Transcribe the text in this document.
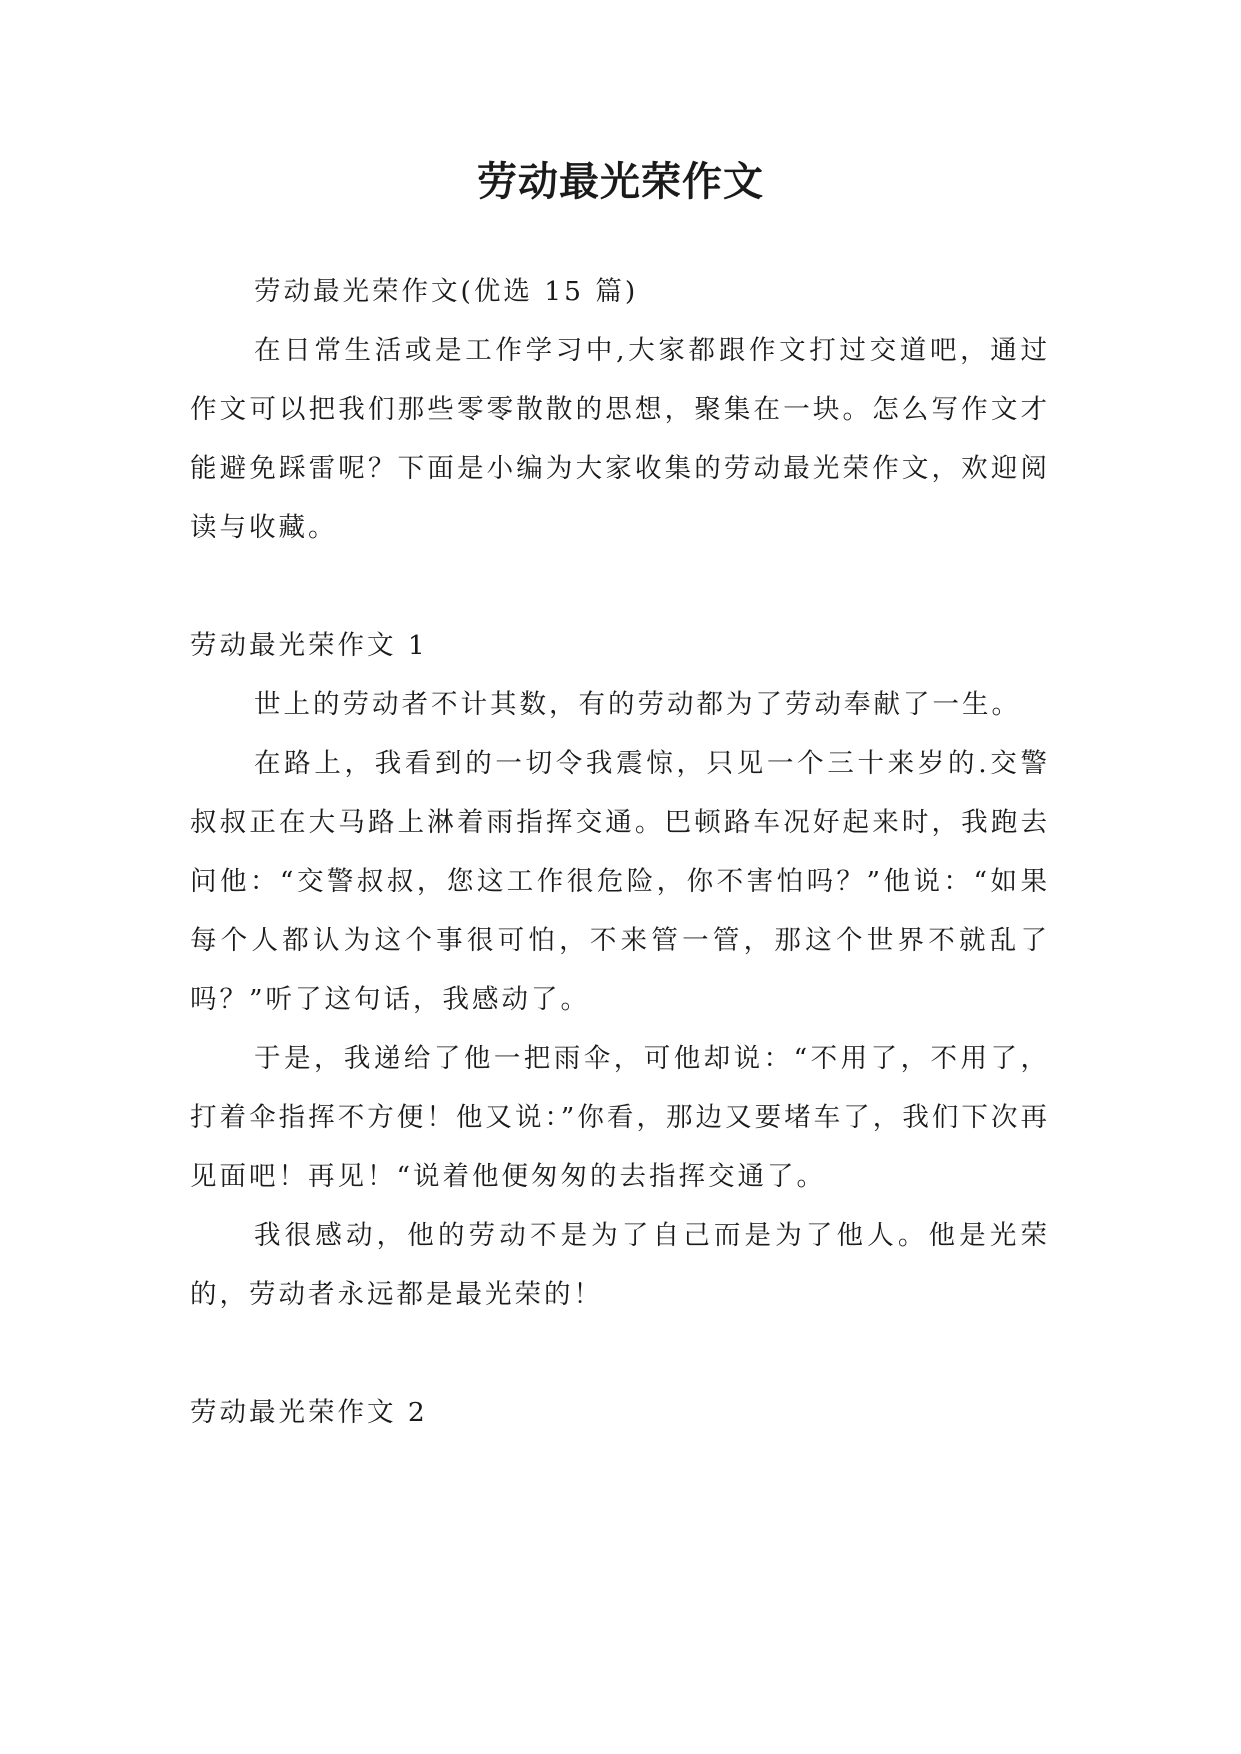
劳动最光荣作文

劳动最光荣作文(优选 15 篇)

在日常生活或是工作学习中,大家都跟作文打过交道吧，通过作文可以把我们那些零零散散的思想，聚集在一块。怎么写作文才能避免踩雷呢？下面是小编为大家收集的劳动最光荣作文，欢迎阅读与收藏。

劳动最光荣作文 1

世上的劳动者不计其数，有的劳动都为了劳动奉献了一生。

在路上，我看到的一切令我震惊，只见一个三十来岁的.交警叔叔正在大马路上淋着雨指挥交通。巴顿路车况好起来时，我跑去问他：“交警叔叔，您这工作很危险，你不害怕吗？”他说：“如果每个人都认为这个事很可怕，不来管一管，那这个世界不就乱了吗？”听了这句话，我感动了。

于是，我递给了他一把雨伞，可他却说：“不用了，不用了，打着伞指挥不方便！他又说：”你看，那边又要堵车了，我们下次再见面吧！再见！“说着他便匆匆的去指挥交通了。

我很感动，他的劳动不是为了自己而是为了他人。他是光荣的，劳动者永远都是最光荣的！

劳动最光荣作文 2
